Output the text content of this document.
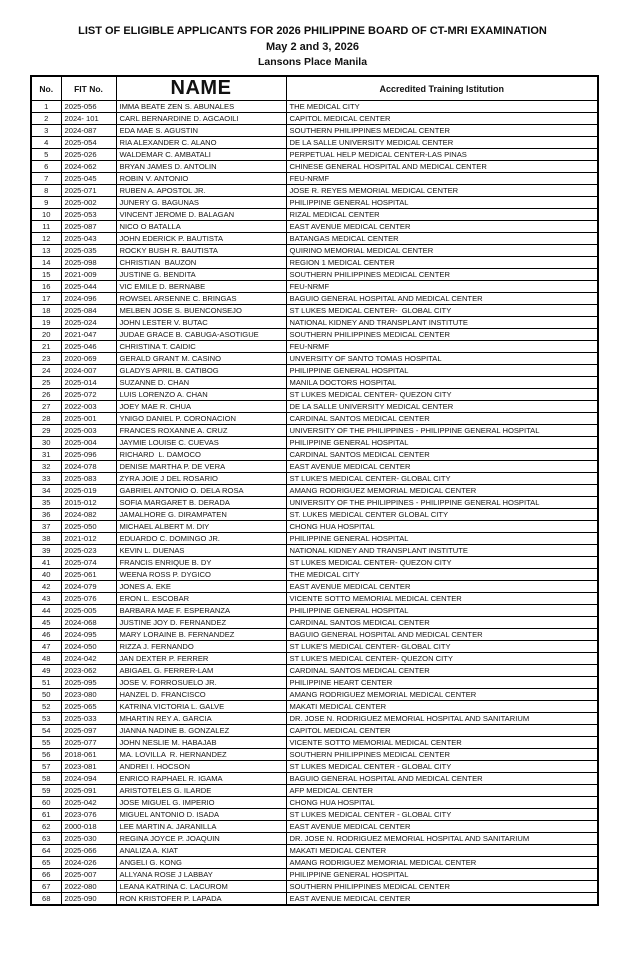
LIST OF ELIGIBLE APPLICANTS FOR 2026 PHILIPPINE BOARD OF CT-MRI EXAMINATION
May 2 and 3, 2026
Lansons Place Manila
No.	FIT No.	NAME	Accredited Training Istitution
1	2025-056	IMMA BEATE ZEN S. ABUNALES	THE MEDICAL CITY
2	2024- 101	CARL BERNARDINE D. AGCAOILI	CAPITOL MEDICAL CENTER
3	2024-087	EDA MAE S. AGUSTIN	SOUTHERN PHILIPPINES MEDICAL CENTER
4	2025-054	RIA ALEXANDER C. ALANO	DE LA SALLE UNIVERSITY MEDICAL CENTER
5	2025-026	WALDEMAR C. AMBATALI	PERPETUAL HELP MEDICAL CENTER-LAS PINAS
6	2024-062	BRYAN JAMES D. ANTOLIN	CHINESE GENERAL HOSPITAL AND MEDICAL CENTER
7	2025-045	ROBIN V. ANTONIO	FEU-NRMF
8	2025-071	RUBEN A. APOSTOL JR.	JOSE R. REYES MEMORIAL MEDICAL CENTER
9	2025-002	JUNERY G. BAGUNAS	PHILIPPINE GENERAL HOSPITAL
10	2025-053	VINCENT JEROME D. BALAGAN	RIZAL MEDICAL CENTER
11	2025-087	NICO O BATALLA	EAST AVENUE MEDICAL CENTER
12	2025-043	JOHN EDERICK P. BAUTISTA	BATANGAS MEDICAL CENTER
13	2025-035	ROCKY BUSH R. BAUTISTA	QUIRINO MEMORIAL MEDICAL CENTER
14	2025-098	CHRISTIAN  BAUZON	REGION 1 MEDICAL CENTER
15	2021-009	JUSTINE G. BENDITA	SOUTHERN PHILIPPINES MEDICAL CENTER
16	2025-044	VIC EMILE D. BERNABE	FEU-NRMF
17	2024-096	ROWSEL ARSENNE C. BRINGAS	BAGUIO GENERAL HOSPITAL AND MEDICAL CENTER
18	2025-084	MELBEN JOSE S. BUENCONSEJO	ST LUKES MEDICAL CENTER-  GLOBAL CITY
19	2025-024	JOHN LESTER V. BUTAC	NATIONAL KIDNEY AND TRANSPLANT INSTITUTE
20	2021-047	JUDAE GRACE B. CABUGA-ASOTIGUE	SOUTHERN PHILIPPINES MEDICAL CENTER
21	2025-046	CHRISTINA T. CAIDIC	FEU-NRMF
23	2020-069	GERALD GRANT M. CASINO	UNVERSITY OF SANTO TOMAS HOSPITAL
24	2024-007	GLADYS APRIL B. CATIBOG	PHILIPPINE GENERAL HOSPITAL
25	2025-014	SUZANNE D. CHAN	MANILA DOCTORS HOSPITAL
26	2025-072	LUIS LORENZO A. CHAN	ST LUKES MEDICAL CENTER- QUEZON CITY
27	2022-003	JOEY MAE R. CHUA	DE LA SALLE UNIVERSITY MEDICAL CENTER
28	2025-001	YNIGO DANIEL P. CORONACION	CARDINAL SANTOS MEDICAL CENTER
29	2025-003	FRANCES ROXANNE A. CRUZ	UNIVERSITY OF THE PHILIPPINES - PHILIPPINE GENERAL HOSPITAL
30	2025-004	JAYMIE LOUISE C. CUEVAS	PHILIPPINE GENERAL HOSPITAL
31	2025-096	RICHARD  L. DAMOCO	CARDINAL SANTOS MEDICAL CENTER
32	2024-078	DENISE MARTHA P. DE VERA	EAST AVENUE MEDICAL CENTER
33	2025-083	ZYRA JOIE J DEL ROSARIO	ST LUKE'S MEDICAL CENTER- GLOBAL CITY
34	2025-019	GABRIEL ANTONIO O. DELA ROSA	AMANG RODRIGUEZ MEMORIAL MEDICAL CENTER
35	2015-012	SOFIA MARGARET B. DERADA	UNIVERSITY OF THE PHILIPPINES - PHILIPPINE GENERAL HOSPITAL
36	2024-082	JAMALHORE G. DIRAMPATEN	ST. LUKES MEDICAL CENTER GLOBAL CITY
37	2025-050	MICHAEL ALBERT M. DIY	CHONG HUA HOSPITAL
38	2021-012	EDUARDO C. DOMINGO JR.	PHILIPPINE GENERAL HOSPITAL
39	2025-023	KEVIN L. DUENAS	NATIONAL KIDNEY AND TRANSPLANT INSTITUTE
41	2025-074	FRANCIS ENRIQUE B. DY	ST LUKES MEDICAL CENTER- QUEZON CITY
40	2025-061	WEENA ROSS P. DYGICO	THE MEDICAL CITY
42	2024-079	JONES A. EKE	EAST AVENUE MEDICAL CENTER
43	2025-076	ERON L. ESCOBAR	VICENTE SOTTO MEMORIAL MEDICAL CENTER
44	2025-005	BARBARA MAE F. ESPERANZA	PHILIPPINE GENERAL HOSPITAL
45	2024-068	JUSTINE JOY D. FERNANDEZ	CARDINAL SANTOS MEDICAL CENTER
46	2024-095	MARY LORAINE B. FERNANDEZ	BAGUIO GENERAL HOSPITAL AND MEDICAL CENTER
47	2024-050	RIZZA J. FERNANDO	ST LUKE'S MEDICAL CENTER- GLOBAL CITY
48	2024-042	JAN DEXTER P. FERRER	ST LUKE'S MEDICAL CENTER- QUEZON CITY
49	2023-062	ABIGAEL G. FERRER-LAM	CARDINAL SANTOS MEDICAL CENTER
51	2025-095	JOSE V. FORROSUELO JR.	PHILIPPINE HEART CENTER
50	2023-080	HANZEL D. FRANCISCO	AMANG RODRIGUEZ MEMORIAL MEDICAL CENTER
52	2025-065	KATRINA VICTORIA L. GALVE	MAKATI MEDICAL CENTER
53	2025-033	MHARTIN REY A. GARCIA	DR. JOSE N. RODRIGUEZ MEMORIAL HOSPITAL AND SANITARIUM
54	2025-097	JIANNA NADINE B. GONZALEZ	CAPITOL MEDICAL CENTER
55	2025-077	JOHN NESLIE M. HABAJAB	VICENTE SOTTO MEMORIAL MEDICAL CENTER
56	2018-061	MA. LOVILLA  R. HERNANDEZ	SOUTHERN PHILIPPINES MEDICAL CENTER
57	2023-081	ANDREI I. HOCSON	ST LUKES MEDICAL CENTER - GLOBAL CITY
58	2024-094	ENRICO RAPHAEL R. IGAMA	BAGUIO GENERAL HOSPITAL AND MEDICAL CENTER
59	2025-091	ARISTOTELES G. ILARDE	AFP MEDICAL CENTER
60	2025-042	JOSE MIGUEL G. IMPERIO	CHONG HUA HOSPITAL
61	2023-076	MIGUEL ANTONIO D. ISADA	ST LUKES MEDICAL CENTER - GLOBAL CITY
62	2000-018	LEE MARTIN A. JARANILLA	EAST AVENUE MEDICAL CENTER
63	2025-030	REGINA JOYCE P. JOAQUIN	DR. JOSE N. RODRIGUEZ MEMORIAL HOSPITAL AND SANITARIUM
64	2025-066	ANALIZA A. KIAT	MAKATI MEDICAL CENTER
65	2024-026	ANGELI G. KONG	AMANG RODRIGUEZ MEMORIAL MEDICAL CENTER
66	2025-007	ALLYANA ROSE J LABBAY	PHILIPPINE GENERAL HOSPITAL
67	2022-080	LEANA KATRINA C. LACUROM	SOUTHERN PHILIPPINES MEDICAL CENTER
68	2025-090	RON KRISTOFER P. LAPADA	EAST AVENUE MEDICAL CENTER
